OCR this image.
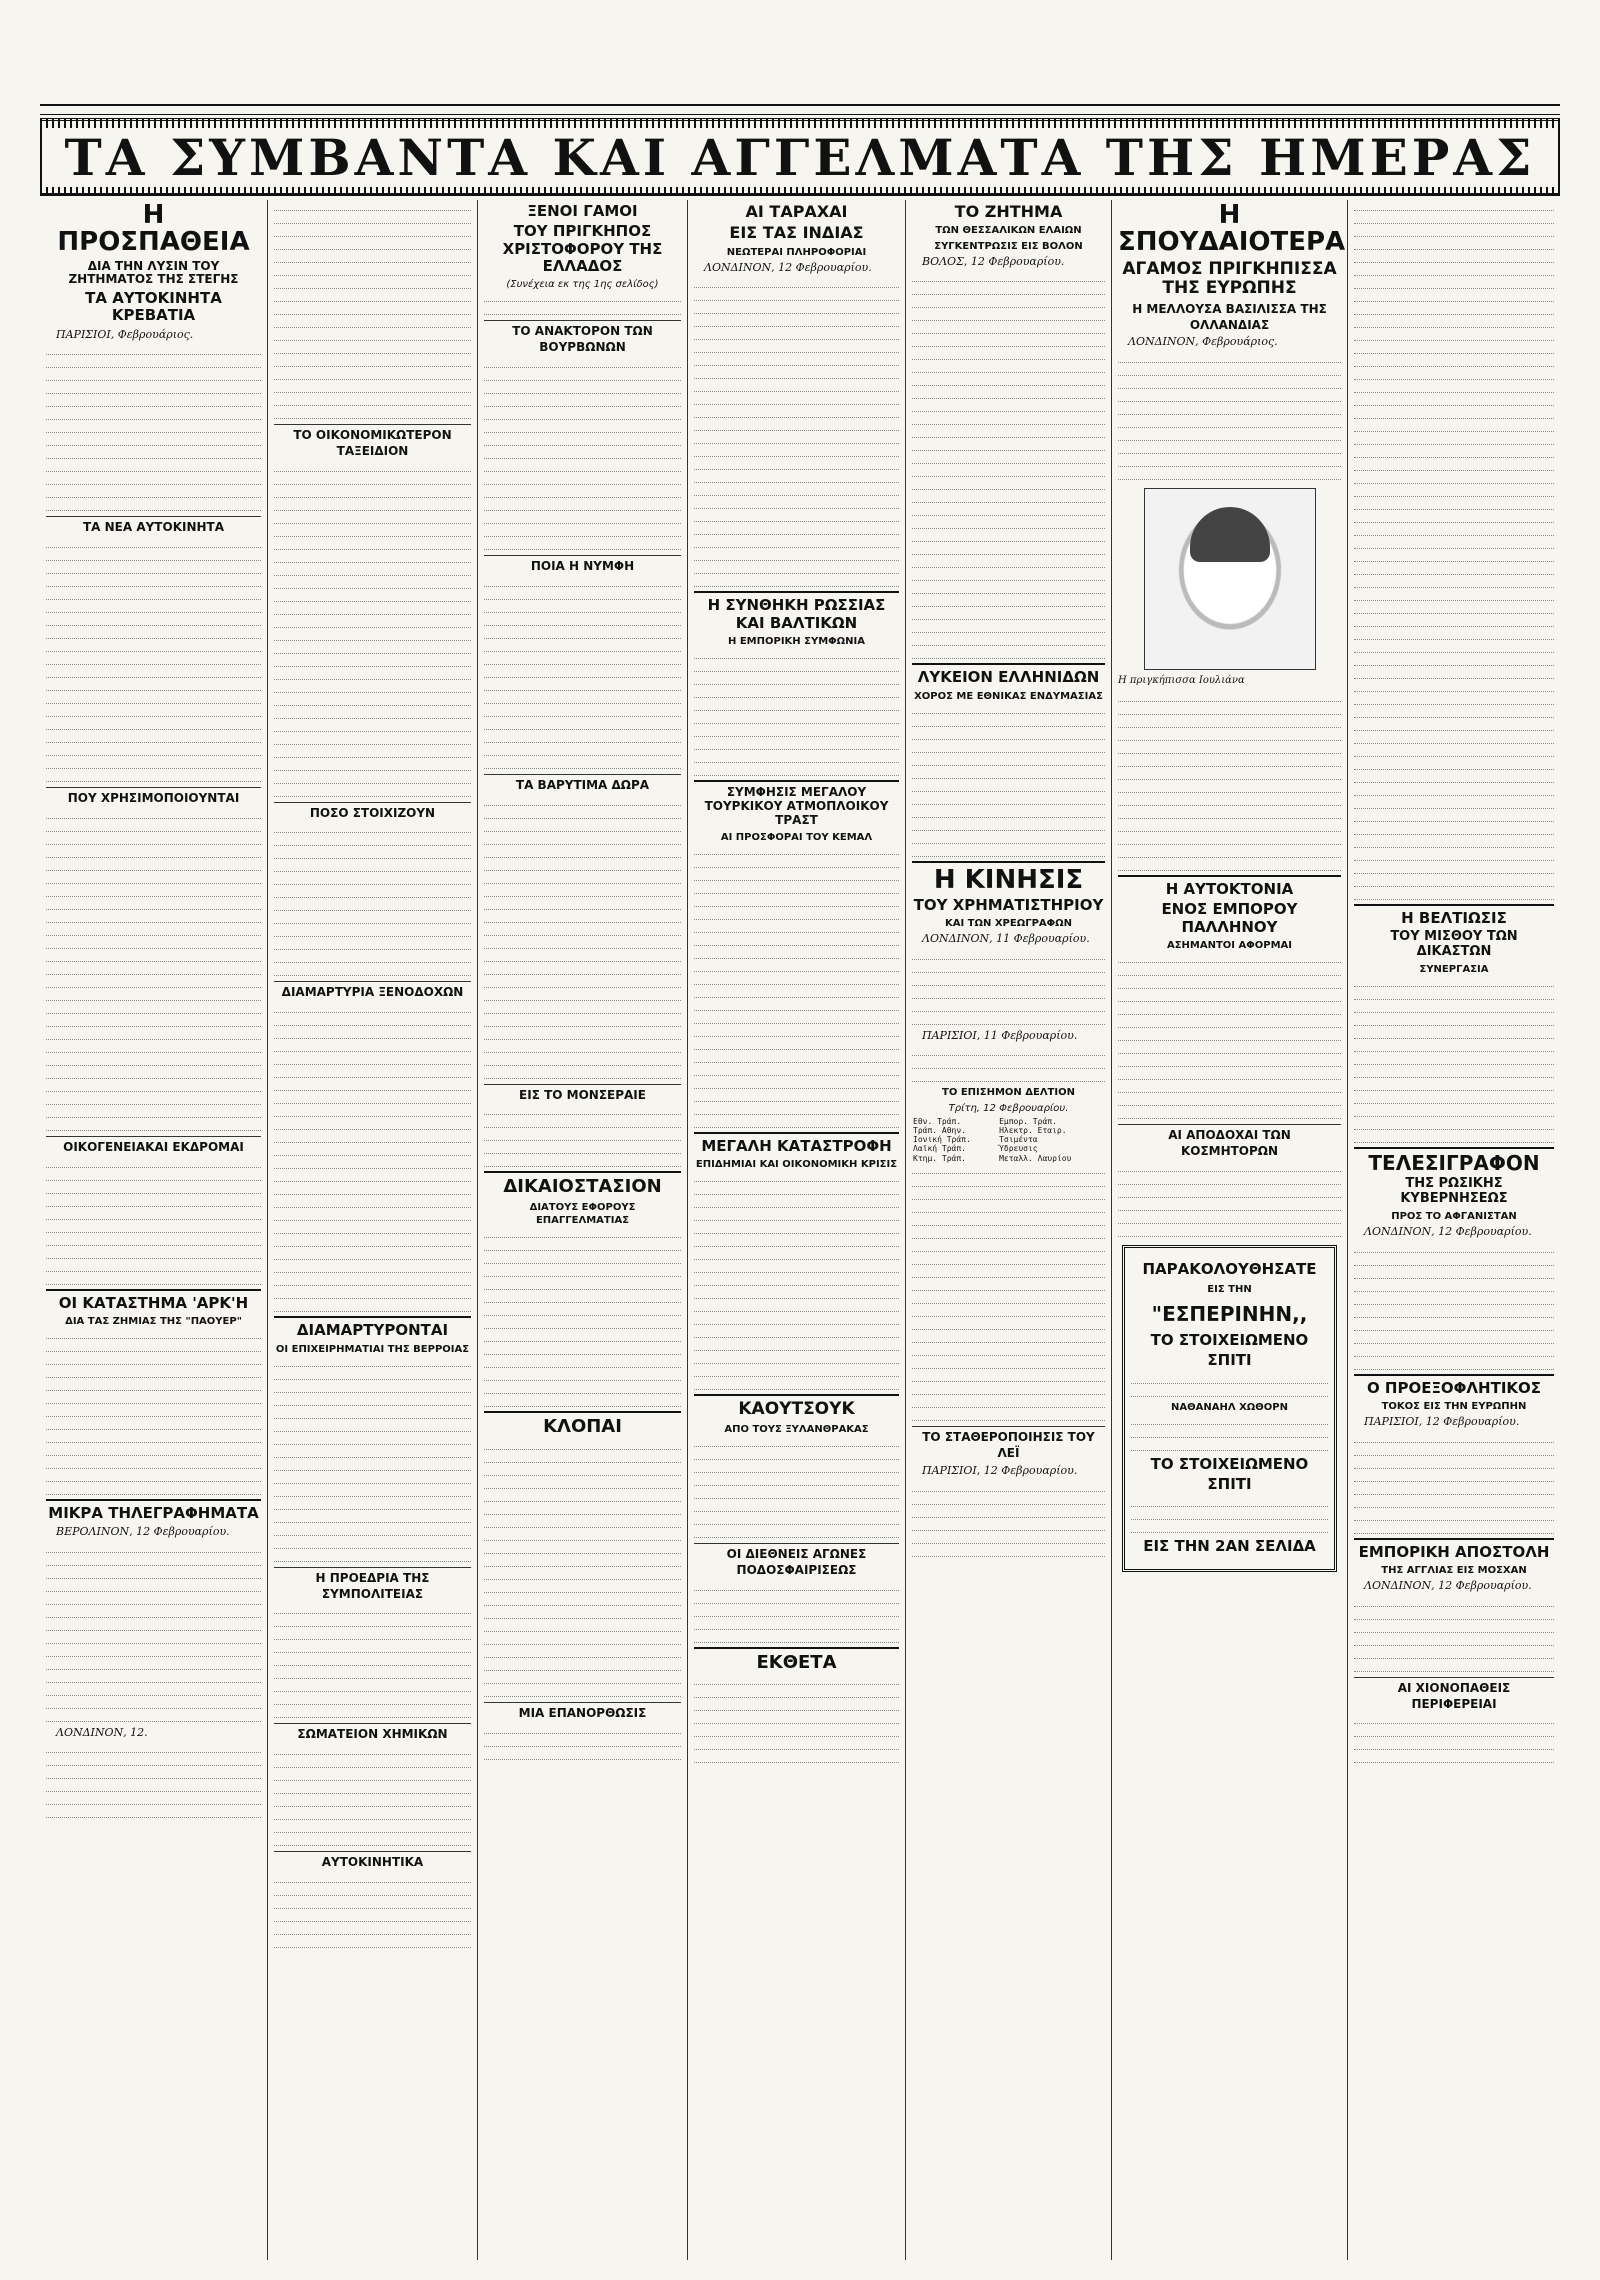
ΤΑ ΣΥΜΒΑΝΤΑ ΚΑΙ ΑΓΓΕΛΜΑΤΑ ΤΗΣ ΗΜΕΡΑΣ
Η ΠΡΟΣΠΑΘΕΙΑ
ΔΙΑ ΤΗΝ ΛΥΣΙΝ ΤΟΥ ΖΗΤΗΜΑΤΟΣ ΤΗΣ ΣΤΕΓΗΣ
ΤΑ ΑΥΤΟΚΙΝΗΤΑ ΚΡΕΒΑΤΙΑ

ΠΑΡΙΣΙΟΙ, Φεβρουάριος.

ΤΑ ΝΕΑ ΑΥΤΟΚΙΝΗΤΑ
ΠΟΥ ΧΡΗΣΙΜΟΠΟΙΟΥΝΤΑΙ
ΟΙΚΟΓΕΝΕΙΑΚΑΙ ΕΚΔΡΟΜΑΙ
ΟΙ ΚΑΤΑΣΤΗΜΑ 'ΑΡΚ'Η
ΔΙΑ ΤΑΣ ΖΗΜΙΑΣ ΤΗΣ "ΠΑΟΥΕΡ"
ΜΙΚΡΑ ΤΗΛΕΓΡΑΦΗΜΑΤΑ

ΒΕΡΟΛΙΝΟΝ, 12 Φεβρουαρίου.

ΛΟΝΔΙΝΟΝ, 12.

ΤΟ ΟΙΚΟΝΟΜΙΚΩΤΕΡΟΝ ΤΑΞΕΙΔΙΟΝ
ΠΟΣΟ ΣΤΟΙΧΙΖΟΥΝ
ΔΙΑΜΑΡΤΥΡΙΑ ΞΕΝΟΔΟΧΩΝ
ΔΙΑΜΑΡΤΥΡΟΝΤΑΙ
ΟΙ ΕΠΙΧΕΙΡΗΜΑΤΙΑΙ ΤΗΣ ΒΕΡΡΟΙΑΣ
Η ΠΡΟΕΔΡΙΑ ΤΗΣ ΣΥΜΠΟΛΙΤΕΙΑΣ
ΣΩΜΑΤΕΙΟΝ ΧΗΜΙΚΩΝ
ΑΥΤΟΚΙΝΗΤΙΚΑ
ΞΕΝΟΙ ΓΑΜΟΙ
ΤΟΥ ΠΡΙΓΚΗΠΟΣ ΧΡΙΣΤΟΦΟΡΟΥ ΤΗΣ ΕΛΛΑΔΟΣ
(Συνέχεια εκ της 1ης σελίδος)
ΤΟ ΑΝΑΚΤΟΡΟΝ ΤΩΝ ΒΟΥΡΒΩΝΩΝ
ΠΟΙΑ Η ΝΥΜΦΗ
ΤΑ ΒΑΡΥΤΙΜΑ ΔΩΡΑ
ΕΙΣ ΤΟ ΜΟΝΣΕΡΑΙΕ
ΔΙΚΑΙΟΣΤΑΣΙΟΝ
ΔΙΑΤΟΥΣ ΕΦΟΡΟΥΣ ΕΠΑΓΓΕΛΜΑΤΙΑΣ
ΚΛΟΠΑΙ
ΜΙΑ ΕΠΑΝΟΡΘΩΣΙΣ
ΑΙ ΤΑΡΑΧΑΙ
ΕΙΣ ΤΑΣ ΙΝΔΙΑΣ
ΝΕΩΤΕΡΑΙ ΠΛΗΡΟΦΟΡΙΑΙ

ΛΟΝΔΙΝΟΝ, 12 Φεβρουαρίου.

Η ΣΥΝΘΗΚΗ ΡΩΣΣΙΑΣ ΚΑΙ ΒΑΛΤΙΚΩΝ
Η ΕΜΠΟΡΙΚΗ ΣΥΜΦΩΝΙΑ
ΣΥΜΦΗΣΙΣ ΜΕΓΑΛΟΥ ΤΟΥΡΚΙΚΟΥ ΑΤΜΟΠΛΟΙΚΟΥ ΤΡΑΣΤ
ΑΙ ΠΡΟΣΦΟΡΑΙ ΤΟΥ ΚΕΜΑΛ
ΜΕΓΑΛΗ ΚΑΤΑΣΤΡΟΦΗ
ΕΠΙΔΗΜΙΑΙ ΚΑΙ ΟΙΚΟΝΟΜΙΚΗ ΚΡΙΣΙΣ
ΚΑΟΥΤΣΟΥΚ
ΑΠΟ ΤΟΥΣ ΞΥΛΑΝΘΡΑΚΑΣ
ΟΙ ΔΙΕΘΝΕΙΣ ΑΓΩΝΕΣ ΠΟΔΟΣΦΑΙΡΙΣΕΩΣ
ΕΚΘΕΤΑ
ΤΟ ΖΗΤΗΜΑ
ΤΩΝ ΘΕΣΣΑΛΙΚΩΝ ΕΛΑΙΩΝ
ΣΥΓΚΕΝΤΡΩΣΙΣ ΕΙΣ ΒΟΛΟΝ

ΒΟΛΟΣ, 12 Φεβρουαρίου.

ΛΥΚΕΙΟΝ ΕΛΛΗΝΙΔΩΝ
ΧΟΡΟΣ ΜΕ ΕΘΝΙΚΑΣ ΕΝΔΥΜΑΣΙΑΣ
Η ΚΙΝΗΣΙΣ
ΤΟΥ ΧΡΗΜΑΤΙΣΤΗΡΙΟΥ
ΚΑΙ ΤΩΝ ΧΡΕΩΓΡΑΦΩΝ

ΛΟΝΔΙΝΟΝ, 11 Φεβρουαρίου.

ΠΑΡΙΣΙΟΙ, 11 Φεβρουαρίου.

ΤΟ ΕΠΙΣΗΜΟΝ ΔΕΛΤΙΟΝ
Τρίτη, 12 Φεβρουαρίου.
Εθν. Τράπ.	Εμπορ. Τράπ.
Τράπ. Αθην.	Ηλεκτρ. Εταιρ.
Ιονική Τράπ.	Τσιμέντα
Λαϊκή Τράπ.	Ύδρευσις
Κτημ. Τράπ.	Μεταλλ. Λαυρίου
ΤΟ ΣΤΑΘΕΡΟΠΟΙΗΣΙΣ ΤΟΥ ΛΕΪ

ΠΑΡΙΣΙΟΙ, 12 Φεβρουαρίου.

Η ΣΠΟΥΔΑΙΟΤΕΡΑ
ΑΓΑΜΟΣ ΠΡΙΓΚΗΠΙΣΣΑ ΤΗΣ ΕΥΡΩΠΗΣ
Η ΜΕΛΛΟΥΣΑ ΒΑΣΙΛΙΣΣΑ ΤΗΣ ΟΛΛΑΝΔΙΑΣ

ΛΟΝΔΙΝΟΝ, Φεβρουάριος.

Η πριγκήπισσα Ιουλιάνα
Η ΑΥΤΟΚΤΟΝΙΑ
ΕΝΟΣ ΕΜΠΟΡΟΥ ΠΑΛΛΗΝΟΥ
ΑΣΗΜΑΝΤΟΙ ΑΦΟΡΜΑΙ
ΑΙ ΑΠΟΔΟΧΑΙ ΤΩΝ ΚΟΣΜΗΤΟΡΩΝ
ΠΑΡΑΚΟΛΟΥΘΗΣΑΤΕ
ΕΙΣ ΤΗΝ
"ΕΣΠΕΡΙΝΗΝ,,
ΤΟ ΣΤΟΙΧΕΙΩΜΕΝΟ ΣΠΙΤΙ
ΝΑΘΑΝΑΗΛ ΧΩΘΟΡΝ
ΤΟ ΣΤΟΙΧΕΙΩΜΕΝΟ ΣΠΙΤΙ
ΕΙΣ ΤΗΝ 2ΑΝ ΣΕΛΙΔΑ
Η ΒΕΛΤΙΩΣΙΣ
ΤΟΥ ΜΙΣΘΟΥ ΤΩΝ ΔΙΚΑΣΤΩΝ
ΣΥΝΕΡΓΑΣΙΑ
ΤΕΛΕΣΙΓΡΑΦΟΝ
ΤΗΣ ΡΩΣΙΚΗΣ ΚΥΒΕΡΝΗΣΕΩΣ
ΠΡΟΣ ΤΟ ΑΦΓΑΝΙΣΤΑΝ

ΛΟΝΔΙΝΟΝ, 12 Φεβρουαρίου.

Ο ΠΡΟΕΞΟΦΛΗΤΙΚΟΣ
ΤΟΚΟΣ ΕΙΣ ΤΗΝ ΕΥΡΩΠΗΝ

ΠΑΡΙΣΙΟΙ, 12 Φεβρουαρίου.

ΕΜΠΟΡΙΚΗ ΑΠΟΣΤΟΛΗ
ΤΗΣ ΑΓΓΛΙΑΣ ΕΙΣ ΜΟΣΧΑΝ

ΛΟΝΔΙΝΟΝ, 12 Φεβρουαρίου.

ΑΙ ΧΙΟΝΟΠΑΘΕΙΣ ΠΕΡΙΦΕΡΕΙΑΙ
